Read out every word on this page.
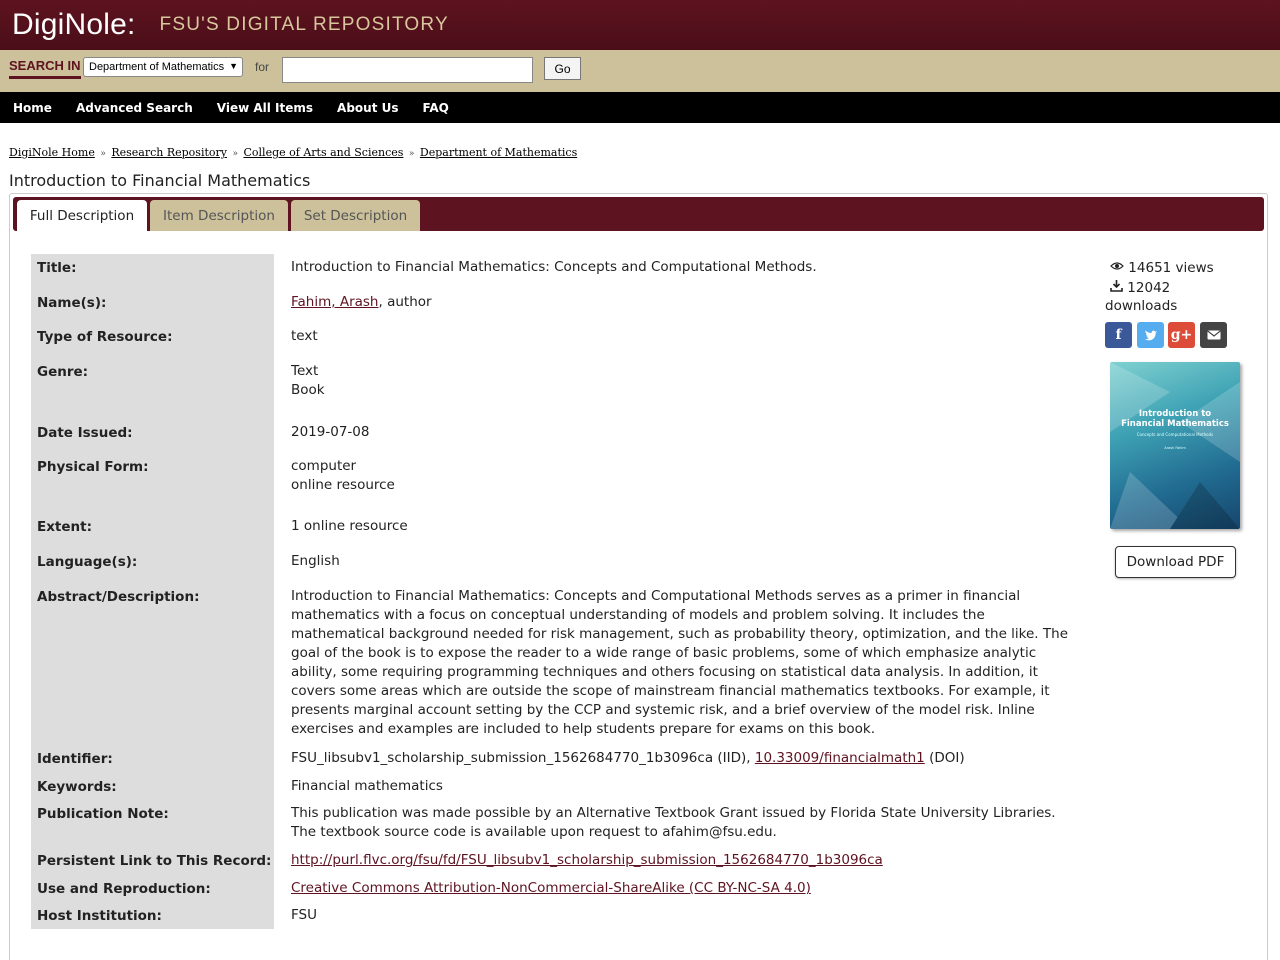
DigiNole: FSU'S DIGITAL REPOSITORY
SEARCH IN Department of Mathematics ▼ for	Go
Home Advanced Search View All Items About Us FAQ
DigiNole Home » Research Repository » College of Arts and Sciences » Department of Mathematics
Introduction to Financial Mathematics
Full Description	Item Description	Set Description
Title:	Introduction to Financial Mathematics: Concepts and Computational Methods.
Name(s):	Fahim, Arash, author
Type of Resource:	text
Genre:	Text
Book
Date Issued:	2019-07-08
Physical Form:	computer
online resource
Extent:	1 online resource
Language(s):	English
Abstract/Description:	Introduction to Financial Mathematics: Concepts and Computational Methods serves as a primer in financial mathematics with a focus on conceptual understanding of models and problem solving. It includes the mathematical background needed for risk management, such as probability theory, optimization, and the like. The goal of the book is to expose the reader to a wide range of basic problems, some of which emphasize analytic ability, some requiring programming techniques and others focusing on statistical data analysis. In addition, it covers some areas which are outside the scope of mainstream financial mathematics textbooks. For example, it presents marginal account setting by the CCP and systemic risk, and a brief overview of the model risk. Inline exercises and examples are included to help students prepare for exams on this book.
Identifier:	FSU_libsubv1_scholarship_submission_1562684770_1b3096ca (IID), 10.33009/financialmath1 (DOI)
Keywords:	Financial mathematics
Publication Note:	This publication was made possible by an Alternative Textbook Grant issued by Florida State University Libraries. The textbook source code is available upon request to afahim@fsu.edu.
Persistent Link to This Record: http://purl.flvc.org/fsu/fd/FSU_libsubv1_scholarship_submission_1562684770_1b3096ca
Use and Reproduction:	Creative Commons Attribution-NonCommercial-ShareAlike (CC BY-NC-SA 4.0)
Host Institution:	FSU
14651 views
12042
downloads
f	g+
Introduction to
Financial Mathematics
Concepts and Computational Methods
Arash Fahim
Download PDF
